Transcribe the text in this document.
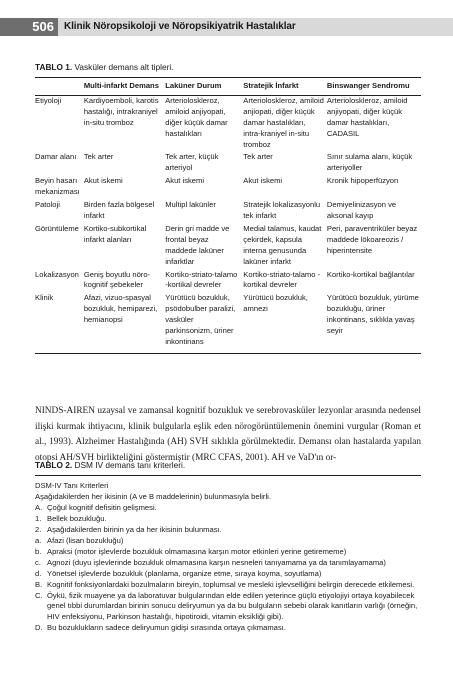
506	Klinik Nöropsikoloji ve Nöropsikiyatrik Hastalıklar
TABLO 1. Vasküler demans alt tipleri.
	Multi-infarkt Demans	Laküner Durum	Stratejik İnfarkt	Binswanger Sendromu
Etiyoloji	Kardiyoemboli, karotis hastalığı, intrakraniyel in-situ tromboz	Arterioloskleroz, amiloid anjiyopati, diğer küçük damar hastalıkları	Arterioloskleroz, amiloid anjiopati, diğer küçük damar hastalıkları, intra-kraniyel in-situ tromboz	Arterioloskleroz, amiloid anjiyopati, diğer küçük damar hastalıkları, CADASIL
Damar alanı	Tek arter	Tek arter, küçük arteriyol	Tek arter	Sınır sulama alanı, küçük arteriyoller
Beyin hasarı mekanizması	Akut iskemi	Akut iskemi	Akut iskemi	Kronik hipoperfüzyon
Patoloji	Birden fazla bölgesel infarkt	Multipl lakünler	Stratejik lokalizasyonlu tek infarkt	Demiyelinizasyon ve aksonal kayıp
Görüntüleme	Kortiko-subkortikal infarkt alanları	Derin gri madde ve frontal beyaz maddede laküner infarktlar	Medial talamus, kaudat çekirdek, kapsula interna genusunda laküner infarkt	Peri, paraventriküler beyaz maddede lökoareozis / hiperintensite
Lokalizasyon	Geniş boyutlu nöro-kognitif şebekeler	Kortiko-striato-talamo -kortikal devreler	Kortiko-striato-talamo -kortikal devreler	Kortiko-kortikal bağlantılar
Klinik	Afazi, vizuo-spasyal bozukluk, hemiparezi, hemianopsi	Yürütücü bozukluk, psödobulber paralizi, vasküler parkinsonizm, üriner inkontinans	Yürütücü bozukluk, amnezi	Yürütücü bozukluk, yürüme bozukluğu, üriner inkontinans, sıklıkla yavaş seyir
NINDS-AIREN uzaysal ve zamansal kognitif bozukluk ve serebrovasküler lezyonlar arasında nedensel ilişki kurmak ihtiyacını, klinik bulgularla eşlik eden nörogörüntülemenin önemini vurgular (Roman et al., 1993). Alzheimer Hastalığında (AH) SVH sıklıkla görülmektedir. Demansı olan hastalarda yapılan otopsi AH/SVH birlikteliğini göstermiştir (MRC CFAS, 2001). AH ve VaD'ın or-
TABLO 2. DSM IV demans tanı kriterleri.
DSM-IV Tanı Kriterleri
Aşağıdakilerden her ikisinin (A ve B maddelerinin) bulunmasıyla belirli.
A. Çoğul kognitif defisitin gelişmesi.
1. Bellek bozukluğu.
2. Aşağıdakilerden birinin ya da her ikisinin bulunması.
a. Afazi (lisan bozukluğu)
b. Apraksi (motor işlevlerde bozukluk olmamasına karşın motor etkinleri yerine getirememe)
c. Agnozi (duyu işlevlerinde bozukluk olmamasına karşın nesneleri tanıyamama ya da tanımlayamama)
d. Yönetsel işlevlerde bozukluk (planlama, organize etme, sıraya koyma, soyutlama)
B. Kognitif fonksiyonlardaki bozulmaların bireyin, toplumsal ve mesleki işlevselliğini belirgin derecede etkilemesi.
C. Öykü, fizik muayene ya da laboratuvar bulgularından elde edilen yeterince güçlü etiyolojiyi ortaya koyabilecek genel tıbbi durumlardan birinin sonucu deliryumun ya da bu bulguların sebebi olarak kanıtların varlığı (örneğin, HIV enfeksiyonu, Parkinson hastalığı, hipotiroidi, vitamin eksikliği gibi).
D. Bu bozuklukların sadece deliryumun gidişi sırasında ortaya çıkmaması.
